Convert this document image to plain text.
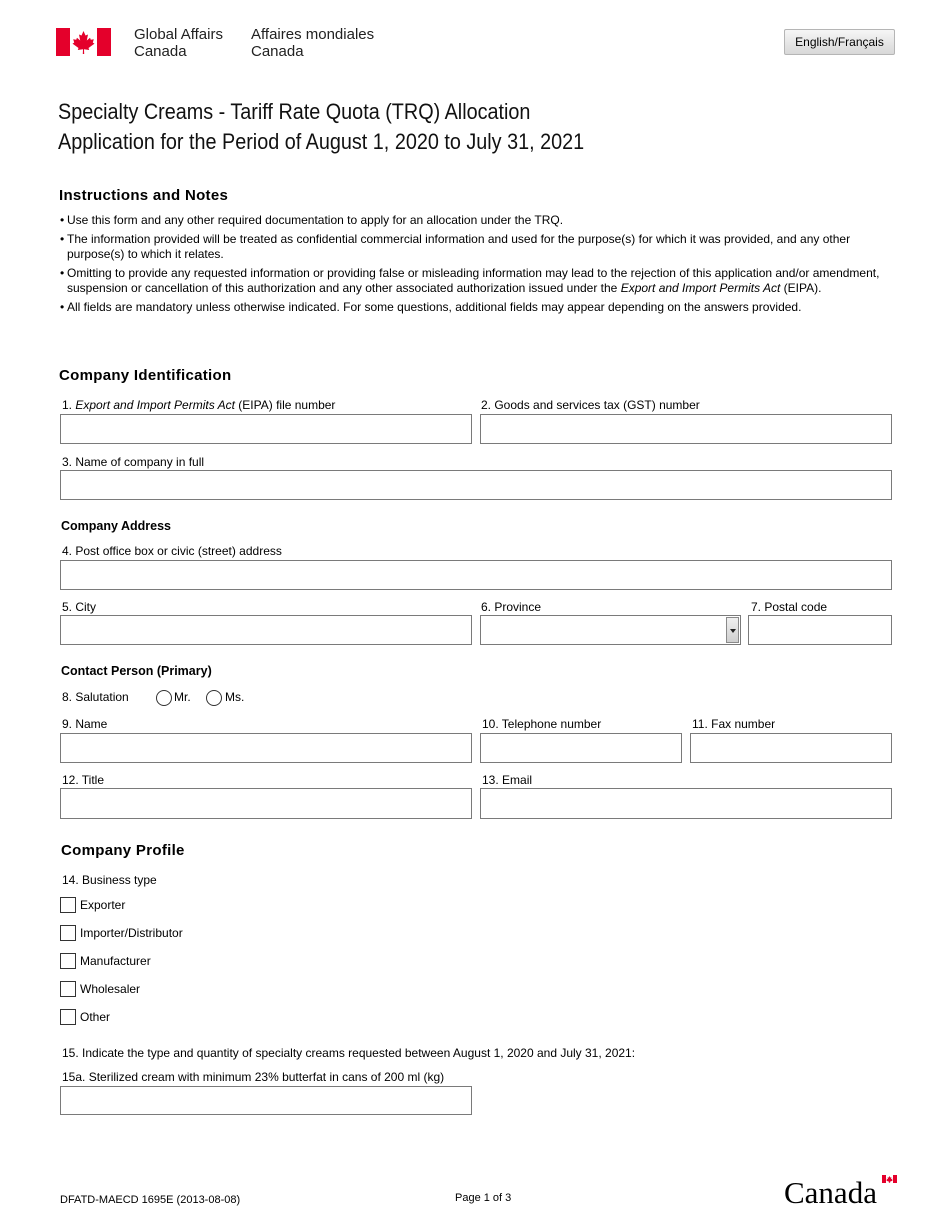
Global Affairs
Canada
Affaires mondiales
Canada
English/Français
Specialty Creams - Tariff Rate Quota (TRQ) Allocation
Application for the Period of August 1, 2020 to July 31, 2021
Instructions and Notes
• Use this form and any other required documentation to apply for an allocation under the TRQ.
• The information provided will be treated as confidential commercial information and used for the purpose(s) for which it was provided, and any other purpose(s) to which it relates.
• Omitting to provide any requested information or providing false or misleading information may lead to the rejection of this application and/or amendment, suspension or cancellation of this authorization and any other associated authorization issued under the Export and Import Permits Act (EIPA).
• All fields are mandatory unless otherwise indicated. For some questions, additional fields may appear depending on the answers provided.
Company Identification
1. Export and Import Permits Act (EIPA) file number	2. Goods and services tax (GST) number
3. Name of company in full
Company Address
4. Post office box or civic (street) address
5. City	6. Province	7. Postal code
Contact Person (Primary)
8. Salutation	Mr.	Ms.
9. Name	10. Telephone number	11. Fax number
12. Title	13. Email
Company Profile
14. Business type
Exporter
Importer/Distributor
Manufacturer
Wholesaler
Other
15. Indicate the type and quantity of specialty creams requested between August 1, 2020 and July 31, 2021:
15a. Sterilized cream with minimum 23% butterfat in cans of 200 ml (kg)
DFATD-MAECD 1695E (2013-08-08)	Page 1 of 3	Canada
